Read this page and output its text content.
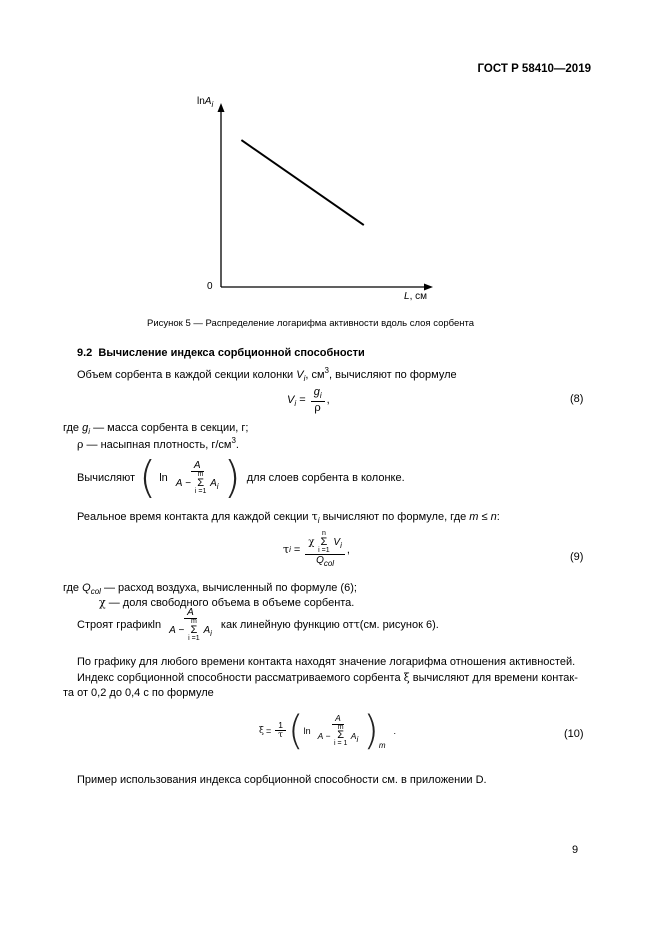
ГОСТ Р 58410—2019
lnA$_i$
0
L, см
Рисунок 5 — Распределение логарифма активности вдоль слоя сорбента
9.2 Вычисление индекса сорбционной способности
Объем сорбента в каждой секции колонки $V_i$, $см^3$, вычисляют по формуле
$V_i = \frac{g_i}{\rho}$ ,	(8)
где $g_i$ — масса сорбента в секции, г;
ρ — насыпная плотность, $г/см^3$.
Вычисляют ( ln A
A −
m
Σ
i =1
$A_i$ ) для слоев сорбента в колонке.
Реальное время контакта для каждой секции $\tau_i$ вычисляют по формуле, где m ≤ n:
τ i = χ
n
Σ
i =1
$V_i$
$Q_{col}$ ,
(9)
где $Q_{col}$ — расход воздуха, вычисленный по формуле (6);
χ — доля свободного объема в объеме сорбента.
Строят график ln A
A −
m
Σ
i =1
$A_i$ как линейную функцию от τ (см. рисунок 6).
По графику для любого времени контакта находят значение логарифма отношения активностей.
Индекс сорбционной способности рассматриваемого сорбента ξ вычисляют для времени контак-
та от 0,2 до 0,4 с по формуле
$\xi = \frac{1}{\tau}$ ( ln A
A −
m
Σ
i = 1
Ai ) m
.	(10)
Пример использования индекса сорбционной способности см. в приложении D.
9
